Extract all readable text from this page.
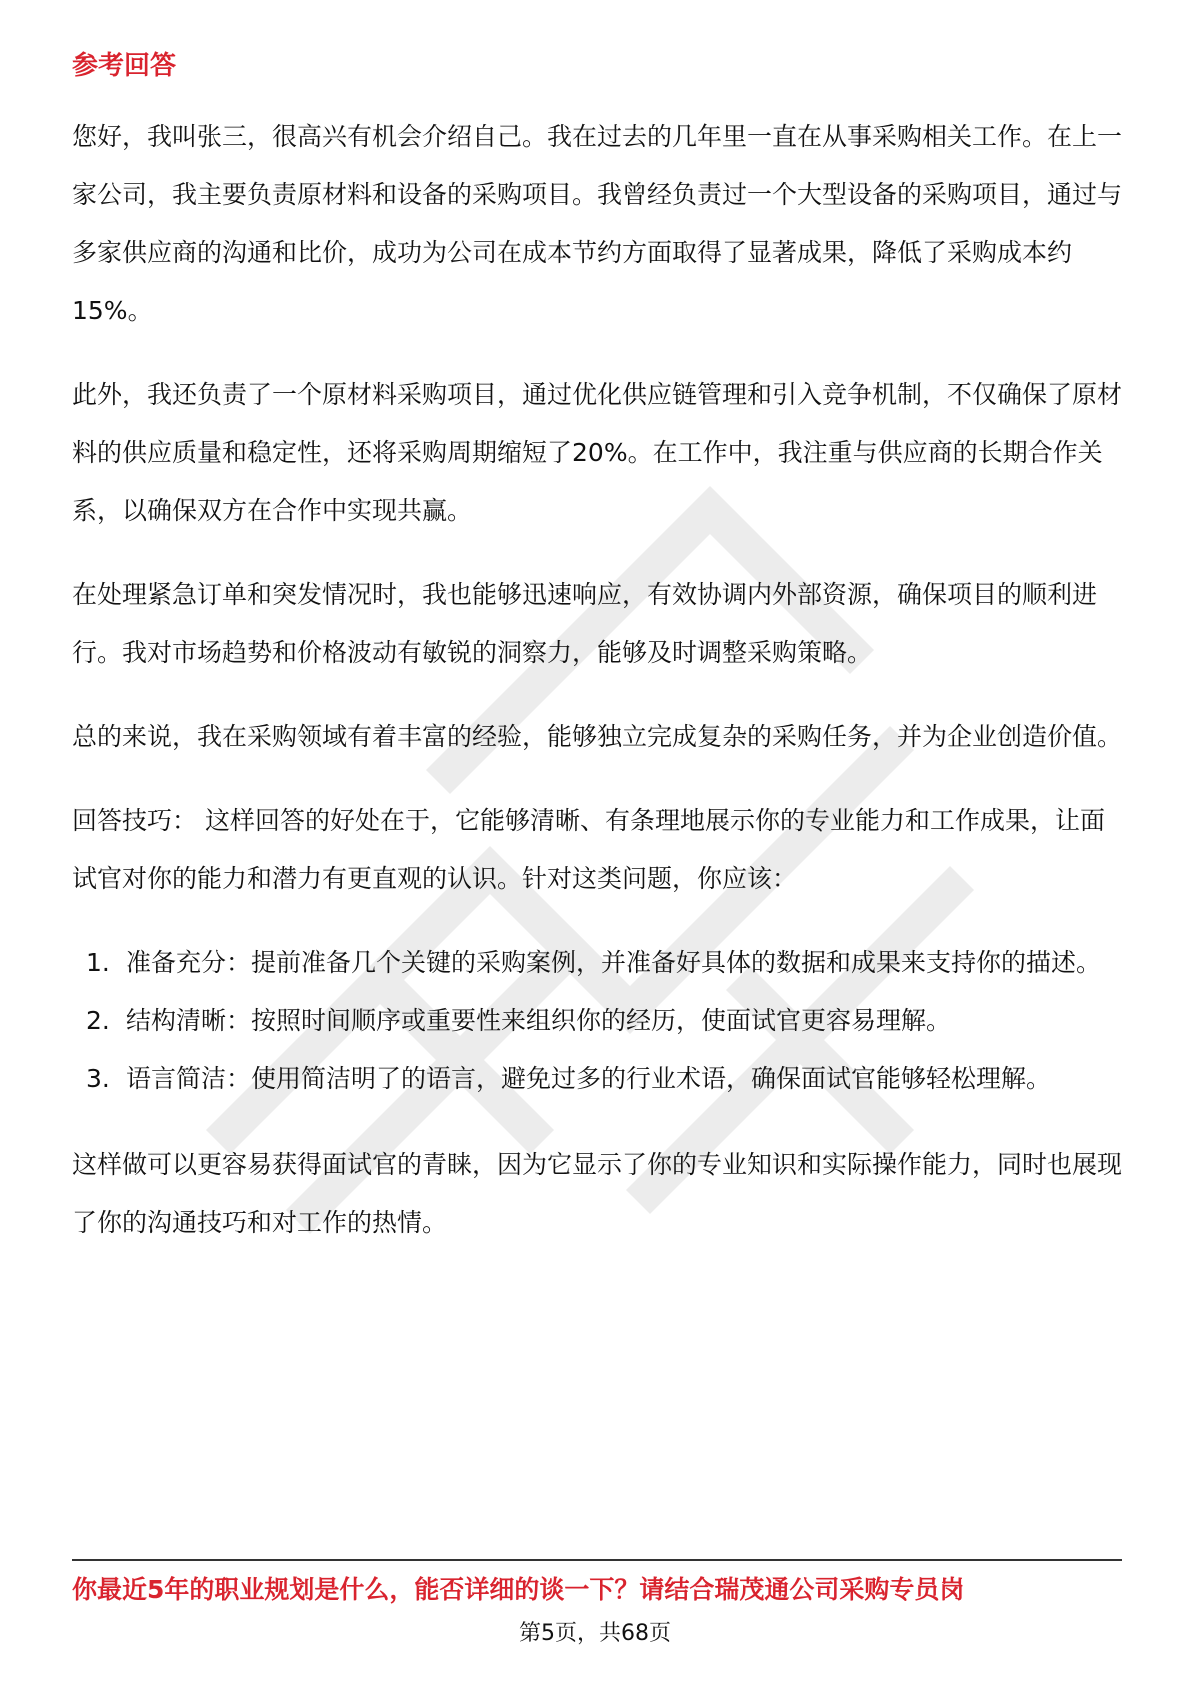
参考回答

您好，我叫张三，很高兴有机会介绍自己。我在过去的几年里一直在从事采购相关工作。在上一家公司，我主要负责原材料和设备的采购项目。我曾经负责过一个大型设备的采购项目，通过与多家供应商的沟通和比价，成功为公司在成本节约方面取得了显著成果，降低了采购成本约15%。

此外，我还负责了一个原材料采购项目，通过优化供应链管理和引入竞争机制，不仅确保了原材料的供应质量和稳定性，还将采购周期缩短了20%。在工作中，我注重与供应商的长期合作关系，以确保双方在合作中实现共赢。

在处理紧急订单和突发情况时，我也能够迅速响应，有效协调内外部资源，确保项目的顺利进行。我对市场趋势和价格波动有敏锐的洞察力，能够及时调整采购策略。

总的来说，我在采购领域有着丰富的经验，能够独立完成复杂的采购任务，并为企业创造价值。

回答技巧： 这样回答的好处在于，它能够清晰、有条理地展示你的专业能力和工作成果，让面试官对你的能力和潜力有更直观的认识。针对这类问题，你应该：

1. 准备充分：提前准备几个关键的采购案例，并准备好具体的数据和成果来支持你的描述。
2. 结构清晰：按照时间顺序或重要性来组织你的经历，使面试官更容易理解。
3. 语言简洁：使用简洁明了的语言，避免过多的行业术语，确保面试官能够轻松理解。

这样做可以更容易获得面试官的青睐，因为它显示了你的专业知识和实际操作能力，同时也展现了你的沟通技巧和对工作的热情。

你最近5年的职业规划是什么，能否详细的谈一下？请结合瑞茂通公司采购专员岗
第5页，共68页
